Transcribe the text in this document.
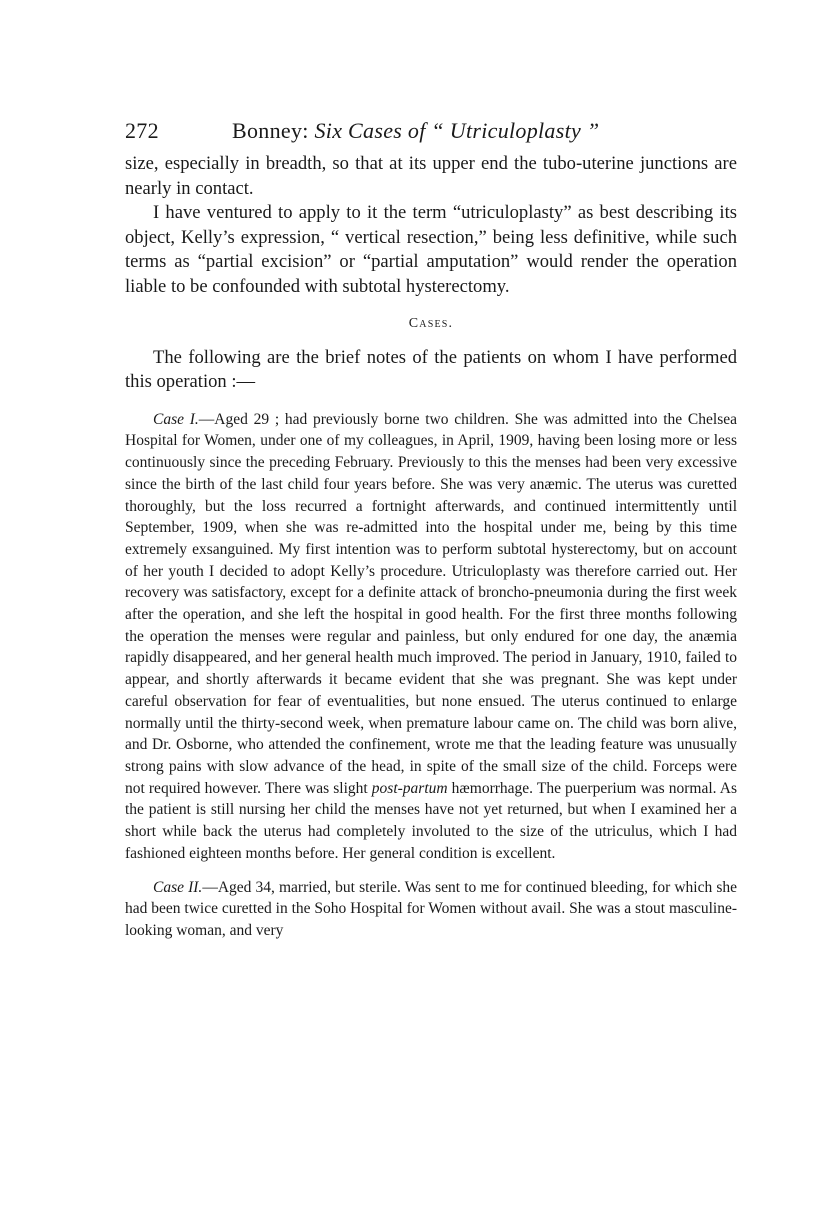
272	Bonney: Six Cases of “ Utriculoplasty ”

size, especially in breadth, so that at its upper end the tubo-uterine junctions are nearly in contact.

I have ventured to apply to it the term “utriculoplasty” as best describing its object, Kelly’s expression, “ vertical resection,” being less definitive, while such terms as “partial excision” or “partial amputation” would render the operation liable to be confounded with subtotal hysterectomy.

Cases.

The following are the brief notes of the patients on whom I have performed this operation :—

Case I.—Aged 29 ; had previously borne two children. She was admitted into the Chelsea Hospital for Women, under one of my colleagues, in April, 1909, having been losing more or less continuously since the preceding February. Previously to this the menses had been very excessive since the birth of the last child four years before. She was very anæmic. The uterus was curetted thoroughly, but the loss recurred a fortnight afterwards, and continued intermittently until September, 1909, when she was re-admitted into the hospital under me, being by this time extremely exsanguined. My first intention was to perform subtotal hysterectomy, but on account of her youth I decided to adopt Kelly’s procedure. Utriculoplasty was therefore carried out. Her recovery was satisfactory, except for a definite attack of broncho-pneumonia during the first week after the operation, and she left the hospital in good health. For the first three months following the operation the menses were regular and painless, but only endured for one day, the anæmia rapidly disappeared, and her general health much improved. The period in January, 1910, failed to appear, and shortly afterwards it became evident that she was pregnant. She was kept under careful observation for fear of eventualities, but none ensued. The uterus continued to enlarge normally until the thirty-second week, when premature labour came on. The child was born alive, and Dr. Osborne, who attended the confinement, wrote me that the leading feature was unusually strong pains with slow advance of the head, in spite of the small size of the child. Forceps were not required however. There was slight post-partum hæmorrhage. The puerperium was normal. As the patient is still nursing her child the menses have not yet returned, but when I examined her a short while back the uterus had completely involuted to the size of the utriculus, which I had fashioned eighteen months before. Her general condition is excellent.

Case II.—Aged 34, married, but sterile. Was sent to me for continued bleeding, for which she had been twice curetted in the Soho Hospital for Women without avail. She was a stout masculine-looking woman, and very
